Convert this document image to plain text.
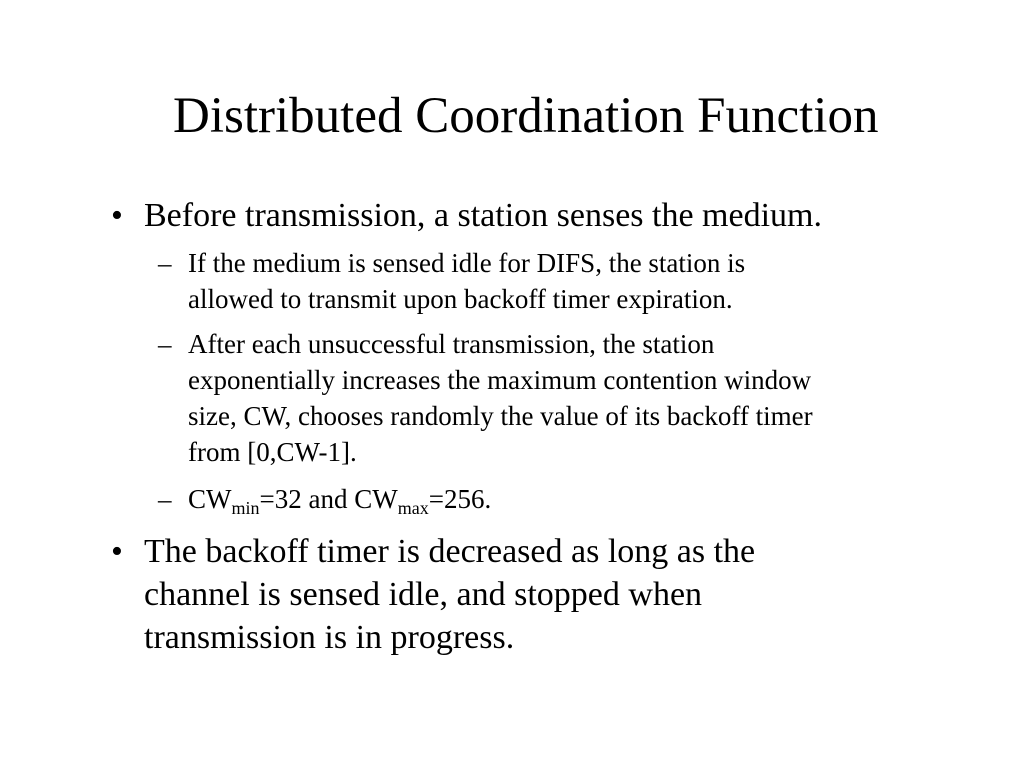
Distributed Coordination Function
• Before transmission, a station senses the medium.
– If the medium is sensed idle for DIFS, the station is
allowed to transmit upon backoff timer expiration.
– After each unsuccessful transmission, the station
exponentially increases the maximum contention window
size, CW, chooses randomly the value of its backoff timer
from [0,CW-1].
– $CW_{min}=32$ and $CW_{max}=256$.
• The backoff timer is decreased as long as the
channel is sensed idle, and stopped when
transmission is in progress.
